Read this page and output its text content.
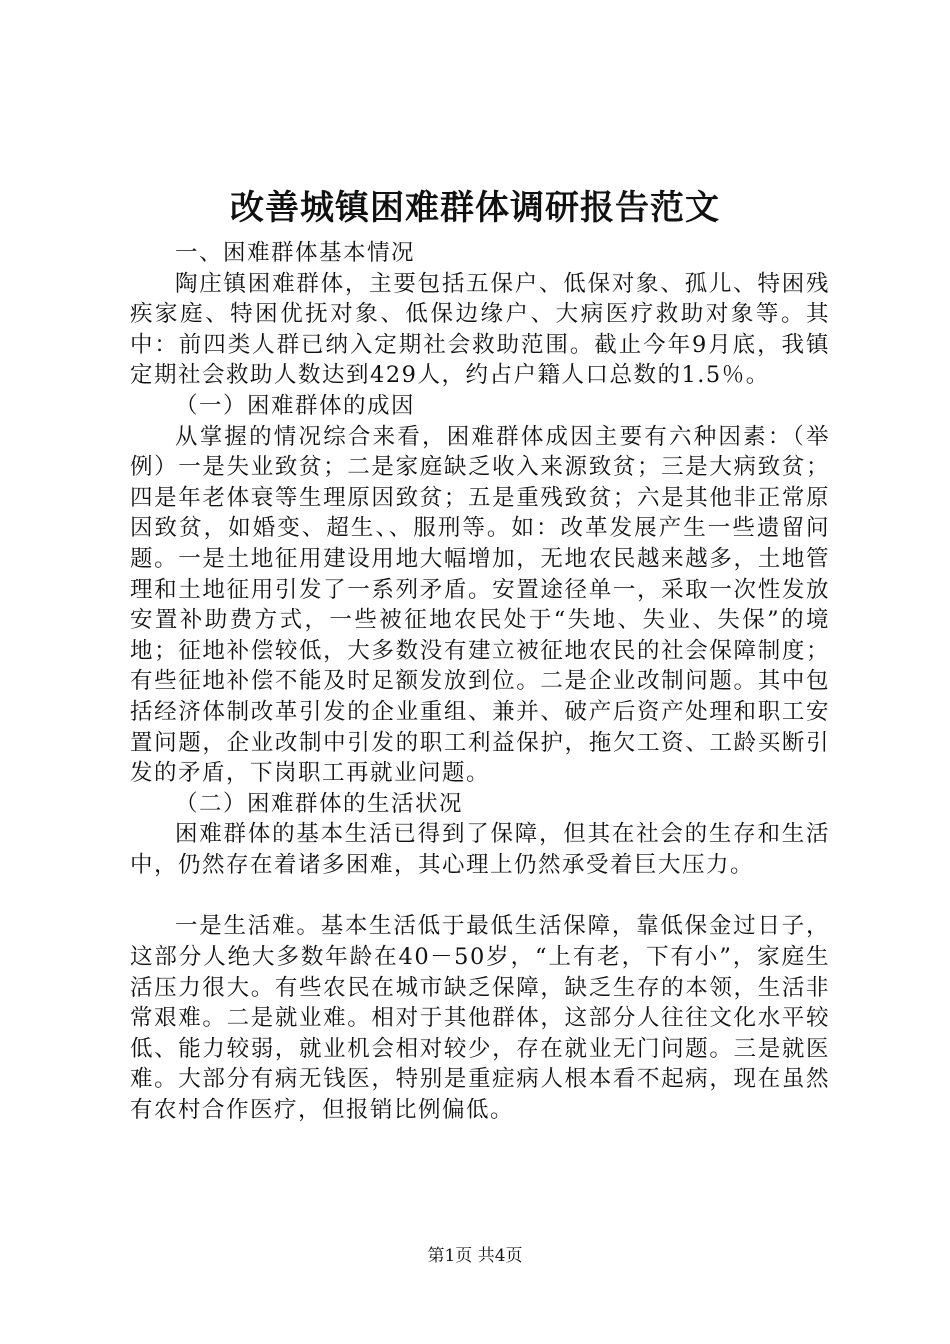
改善城镇困难群体调研报告范文

一、困难群体基本情况

陶庄镇困难群体，主要包括五保户、低保对象、孤儿、特困残疾家庭、特困优抚对象、低保边缘户、大病医疗救助对象等。其中：前四类人群已纳入定期社会救助范围。截止今年9月底，我镇定期社会救助人数达到429人，约占户籍人口总数的1.5％。

（一）困难群体的成因

从掌握的情况综合来看，困难群体成因主要有六种因素：（举例）一是失业致贫；二是家庭缺乏收入来源致贫；三是大病致贫；四是年老体衰等生理原因致贫；五是重残致贫；六是其他非正常原因致贫，如婚变、超生、、服刑等。如：改革发展产生一些遗留问题。一是土地征用建设用地大幅增加，无地农民越来越多，土地管理和土地征用引发了一系列矛盾。安置途径单一，采取一次性发放安置补助费方式，一些被征地农民处于“失地、失业、失保”的境地；征地补偿较低，大多数没有建立被征地农民的社会保障制度；有些征地补偿不能及时足额发放到位。二是企业改制问题。其中包括经济体制改革引发的企业重组、兼并、破产后资产处理和职工安置问题，企业改制中引发的职工利益保护，拖欠工资、工龄买断引发的矛盾，下岗职工再就业问题。

（二）困难群体的生活状况

困难群体的基本生活已得到了保障，但其在社会的生存和生活中，仍然存在着诸多困难，其心理上仍然承受着巨大压力。

一是生活难。基本生活低于最低生活保障，靠低保金过日子，这部分人绝大多数年龄在40－50岁，“上有老，下有小”，家庭生活压力很大。有些农民在城市缺乏保障，缺乏生存的本领，生活非常艰难。二是就业难。相对于其他群体，这部分人往往文化水平较低、能力较弱，就业机会相对较少，存在就业无门问题。三是就医难。大部分有病无钱医，特别是重症病人根本看不起病，现在虽然有农村合作医疗，但报销比例偏低。

第1页 共4页
